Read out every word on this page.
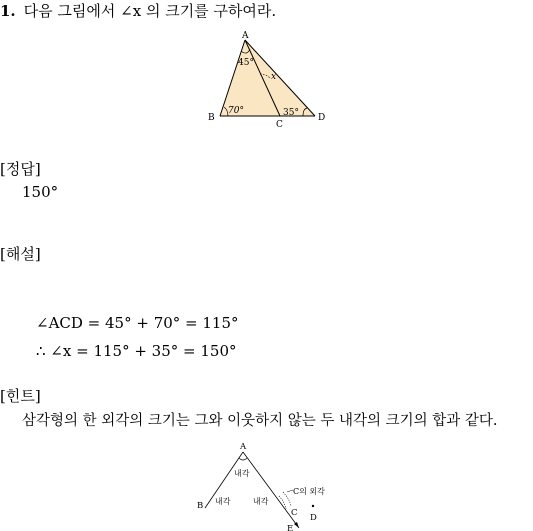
1. 다음 그림에서 ∠x 의 크기를 구하여라.
A
B
C
D
45°
70°	35°
x
[정답]
150°
[해설]
∠ACD = 45° + 70° = 115°
∴ ∠x = 115° + 35° = 150°
[힌트]
삼각형의 한 외각의 크기는 그와 이웃하지 않는 두 내각의 크기의 합과 같다.
A
B
C D
E
내각
내각	내각
C의 외각
